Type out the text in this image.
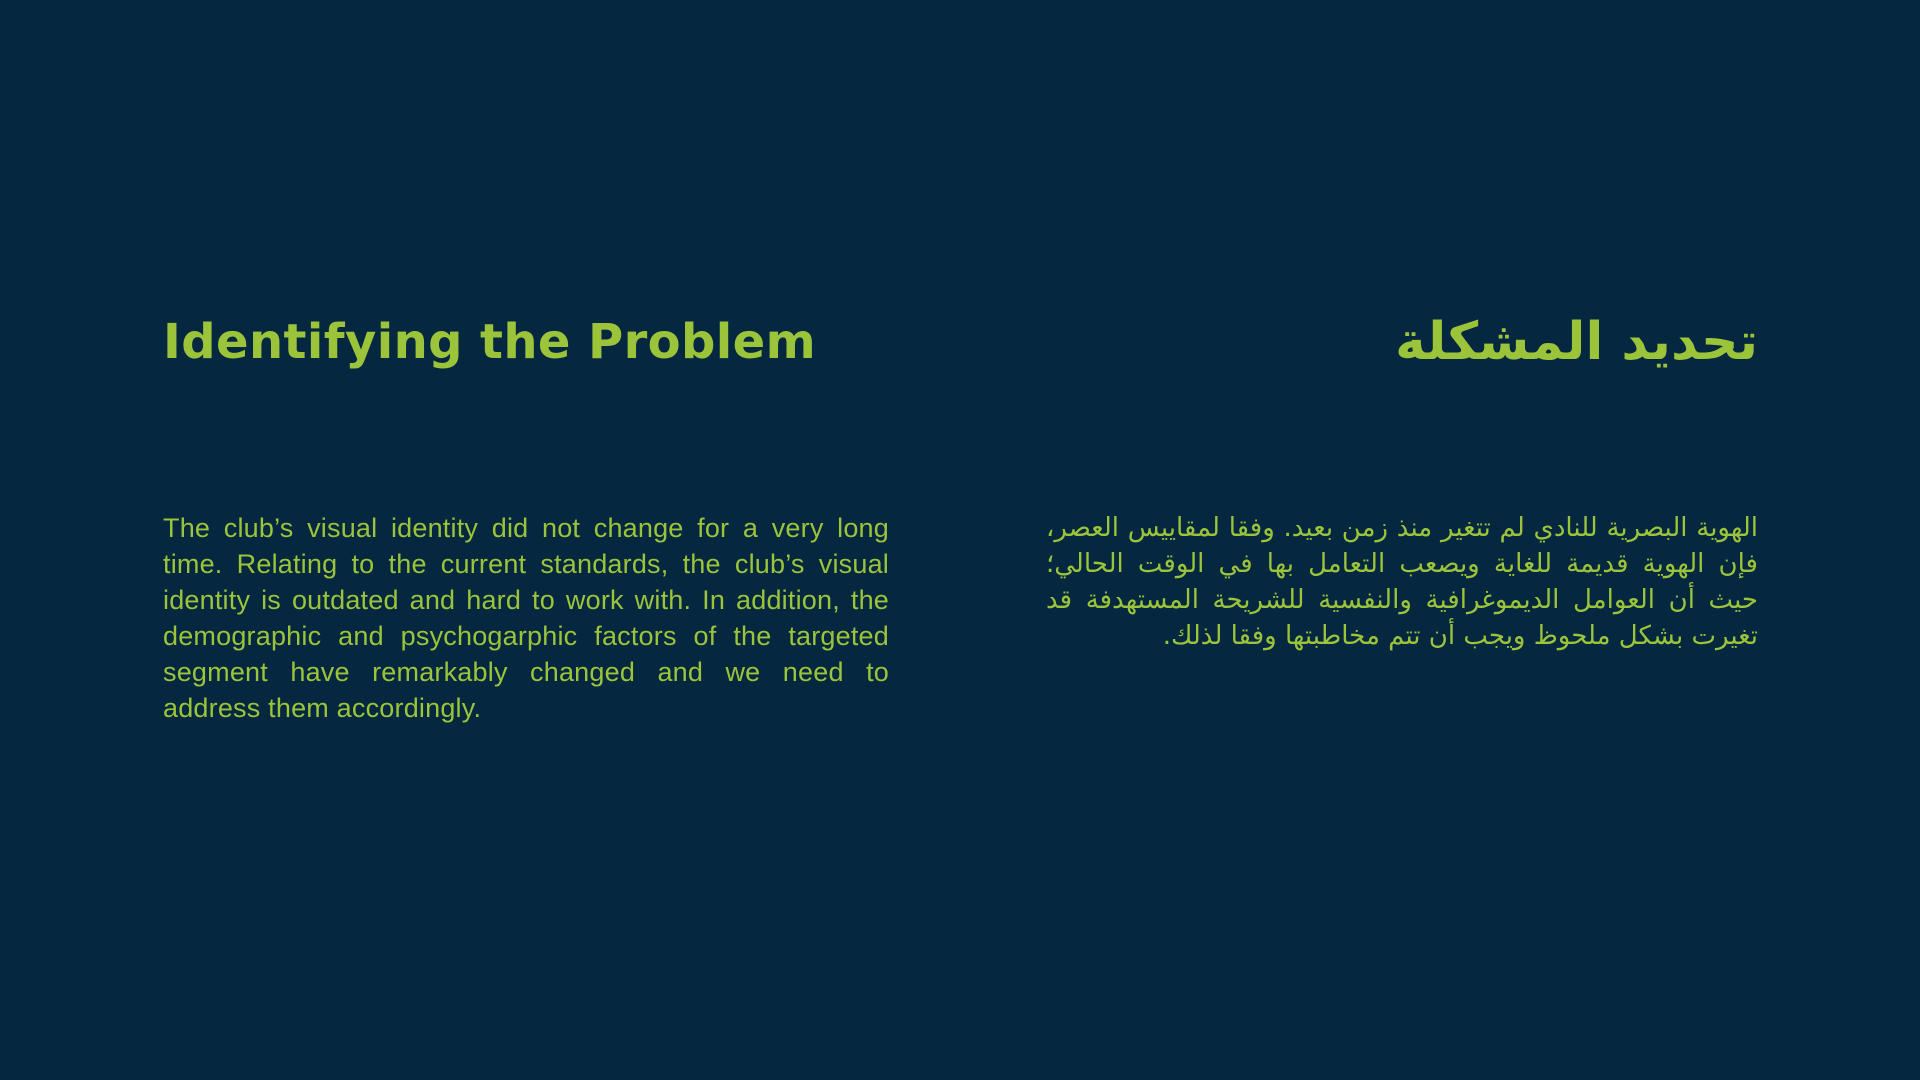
Identifying the Problem

The club’s visual identity did not change for a very long time. Relating to the current standards, the club’s visual identity is outdated and hard to work with. In addition, the demographic and psychogarphic factors of the targeted segment have remarkably changed and we need to address them accordingly.

تحديد المشكلة

الهوية البصرية للنادي لم تتغير منذ زمن بعيد. وفقا لمقاييس العصر، فإن الهوية قديمة للغاية ويصعب التعامل بها في الوقت الحالي؛ حيث أن العوامل الديموغرافية والنفسية للشريحة المستهدفة قد تغيرت بشكل ملحوظ ويجب أن تتم مخاطبتها وفقا لذلك.
